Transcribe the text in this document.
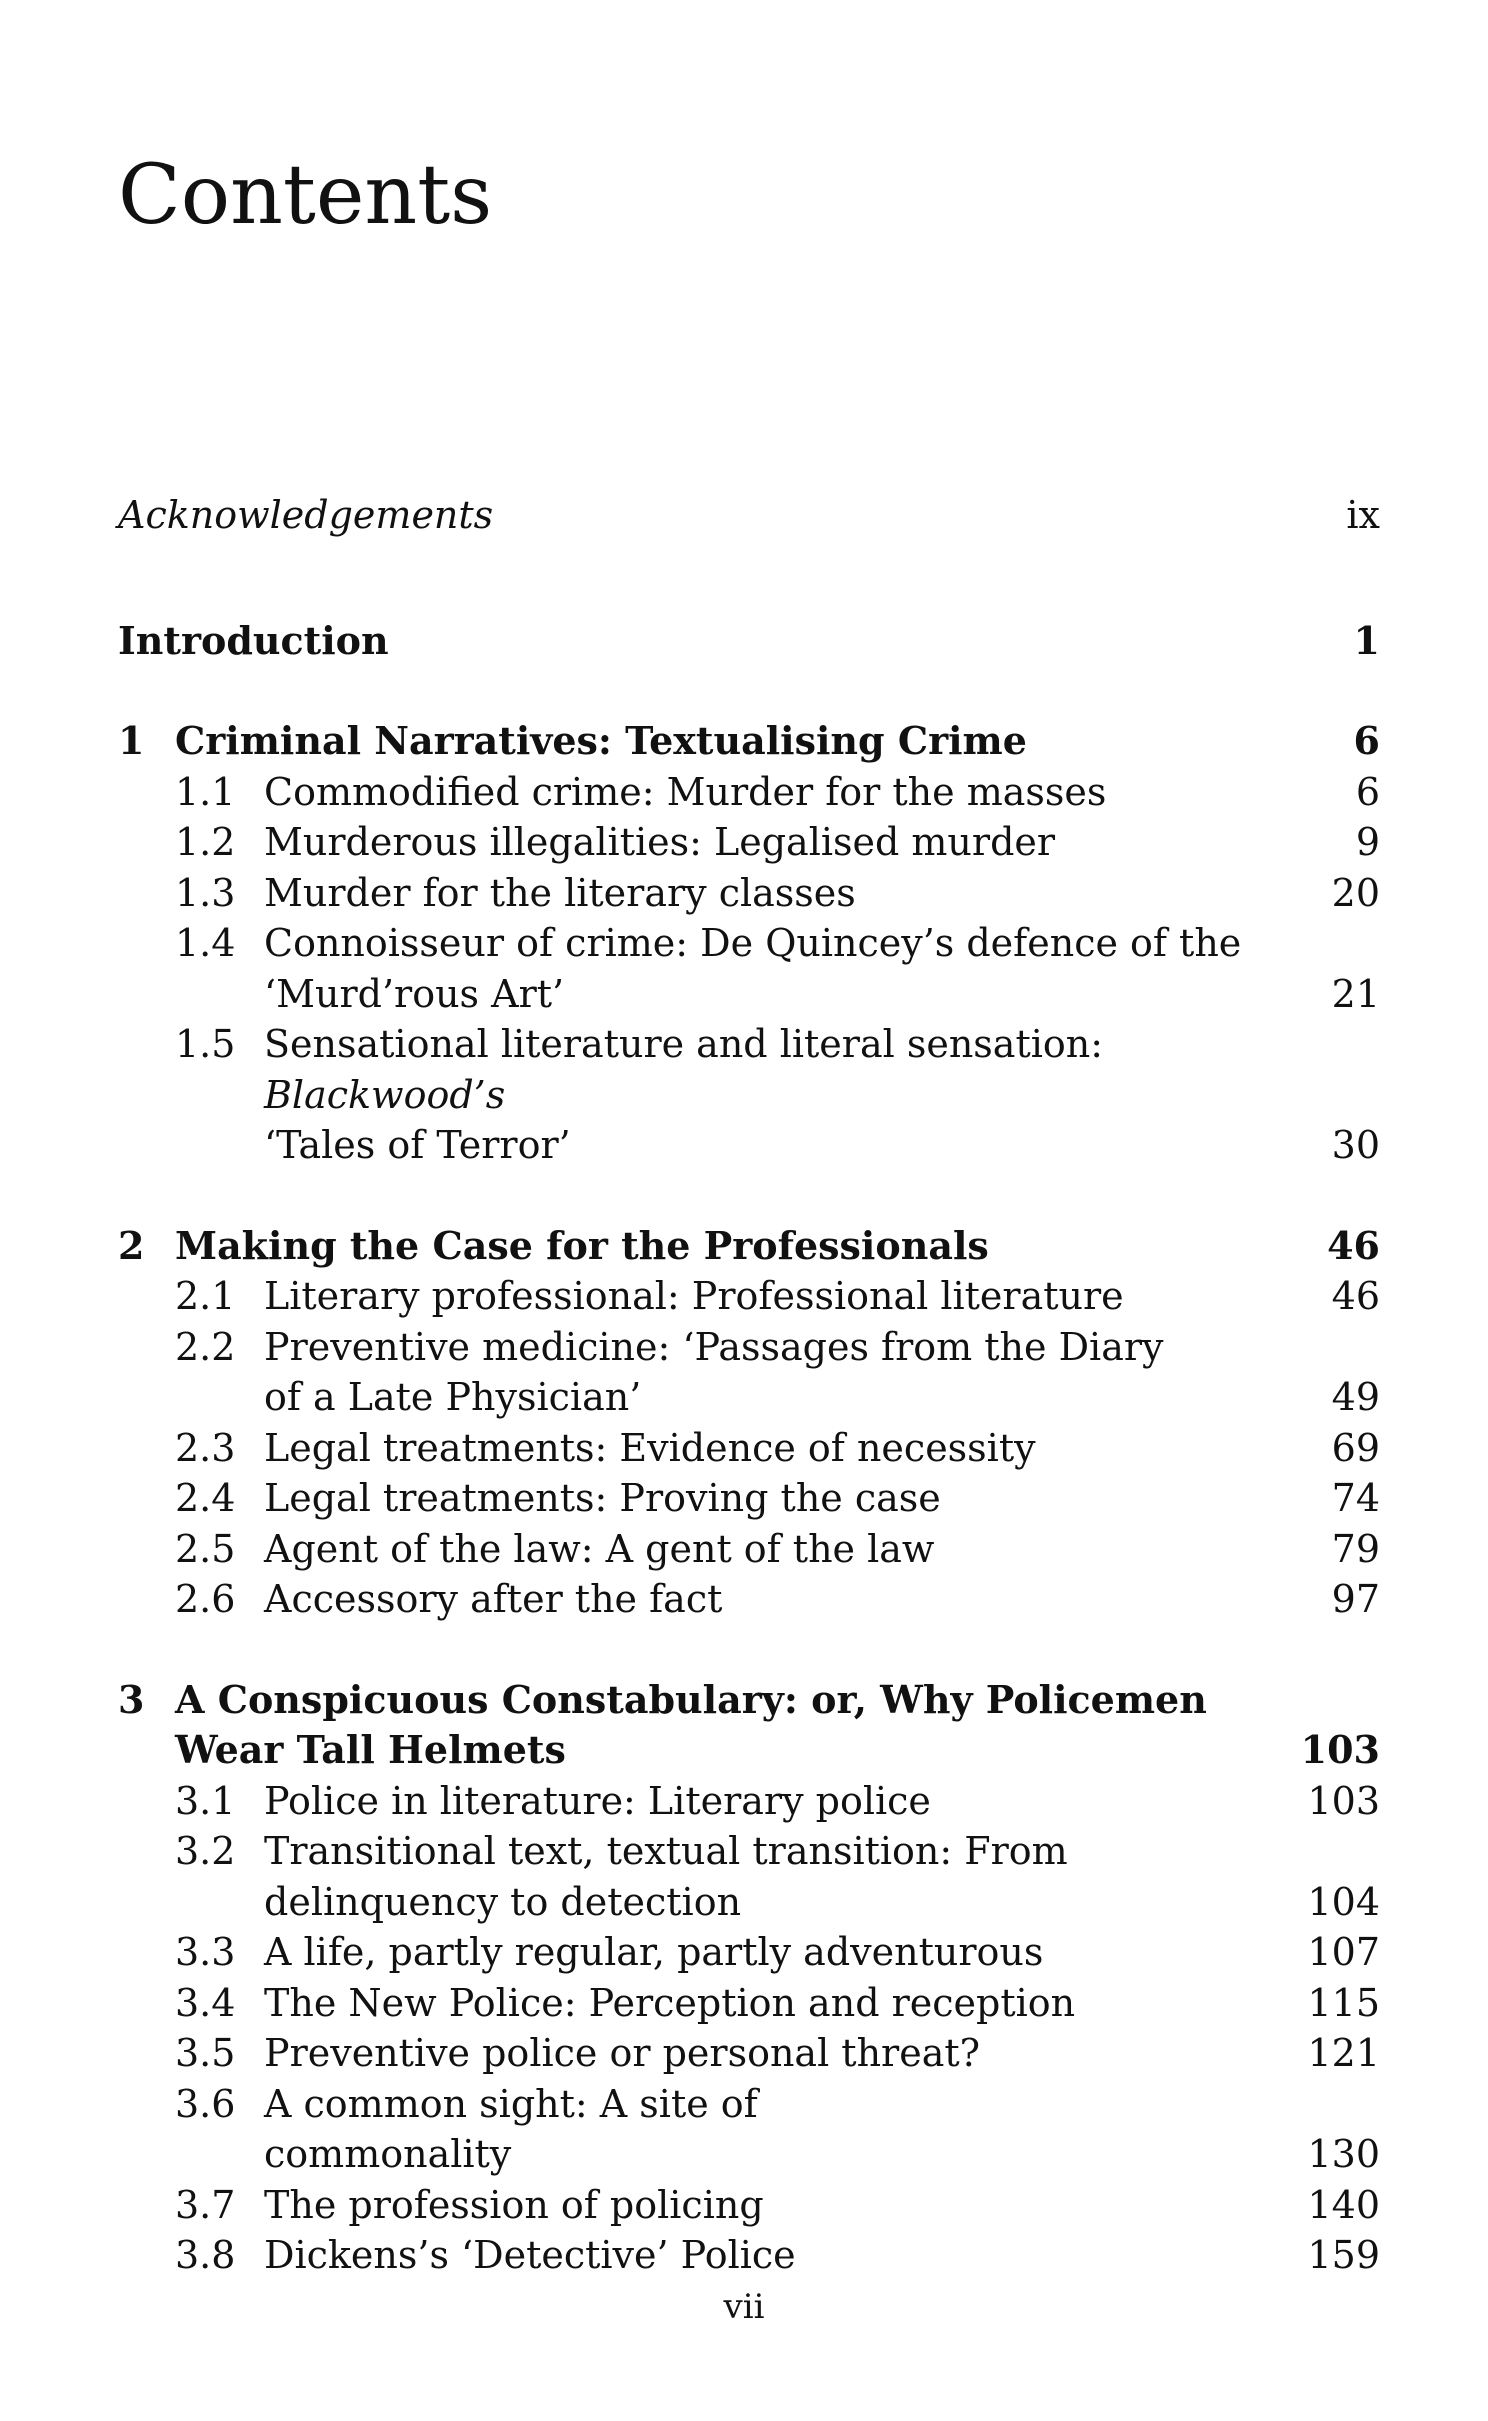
Contents
Acknowledgements	ix
Introduction	1
1 Criminal Narratives: Textualising Crime	6
1.1 Commodified crime: Murder for the masses	6
1.2 Murderous illegalities: Legalised murder	9
1.3 Murder for the literary classes	20
1.4 Connoisseur of crime: De Quincey’s defence of the
‘Murd’rous Art’	21
1.5 Sensational literature and literal sensation: Blackwood’s
‘Tales of Terror’	30
2 Making the Case for the Professionals	46
2.1 Literary professional: Professional literature	46
2.2 Preventive medicine: ‘Passages from the Diary
of a Late Physician’	49
2.3 Legal treatments: Evidence of necessity	69
2.4 Legal treatments: Proving the case	74
2.5 Agent of the law: A gent of the law	79
2.6 Accessory after the fact	97
3 A Conspicuous Constabulary: or, Why Policemen
Wear Tall Helmets	103
3.1 Police in literature: Literary police	103
3.2 Transitional text, textual transition: From
delinquency to detection	104
3.3 A life, partly regular, partly adventurous	107
3.4 The New Police: Perception and reception	115
3.5 Preventive police or personal threat?	121
3.6 A common sight: A site of
commonality	130
3.7 The profession of policing	140
3.8 Dickens’s ‘Detective’ Police	159
vii
